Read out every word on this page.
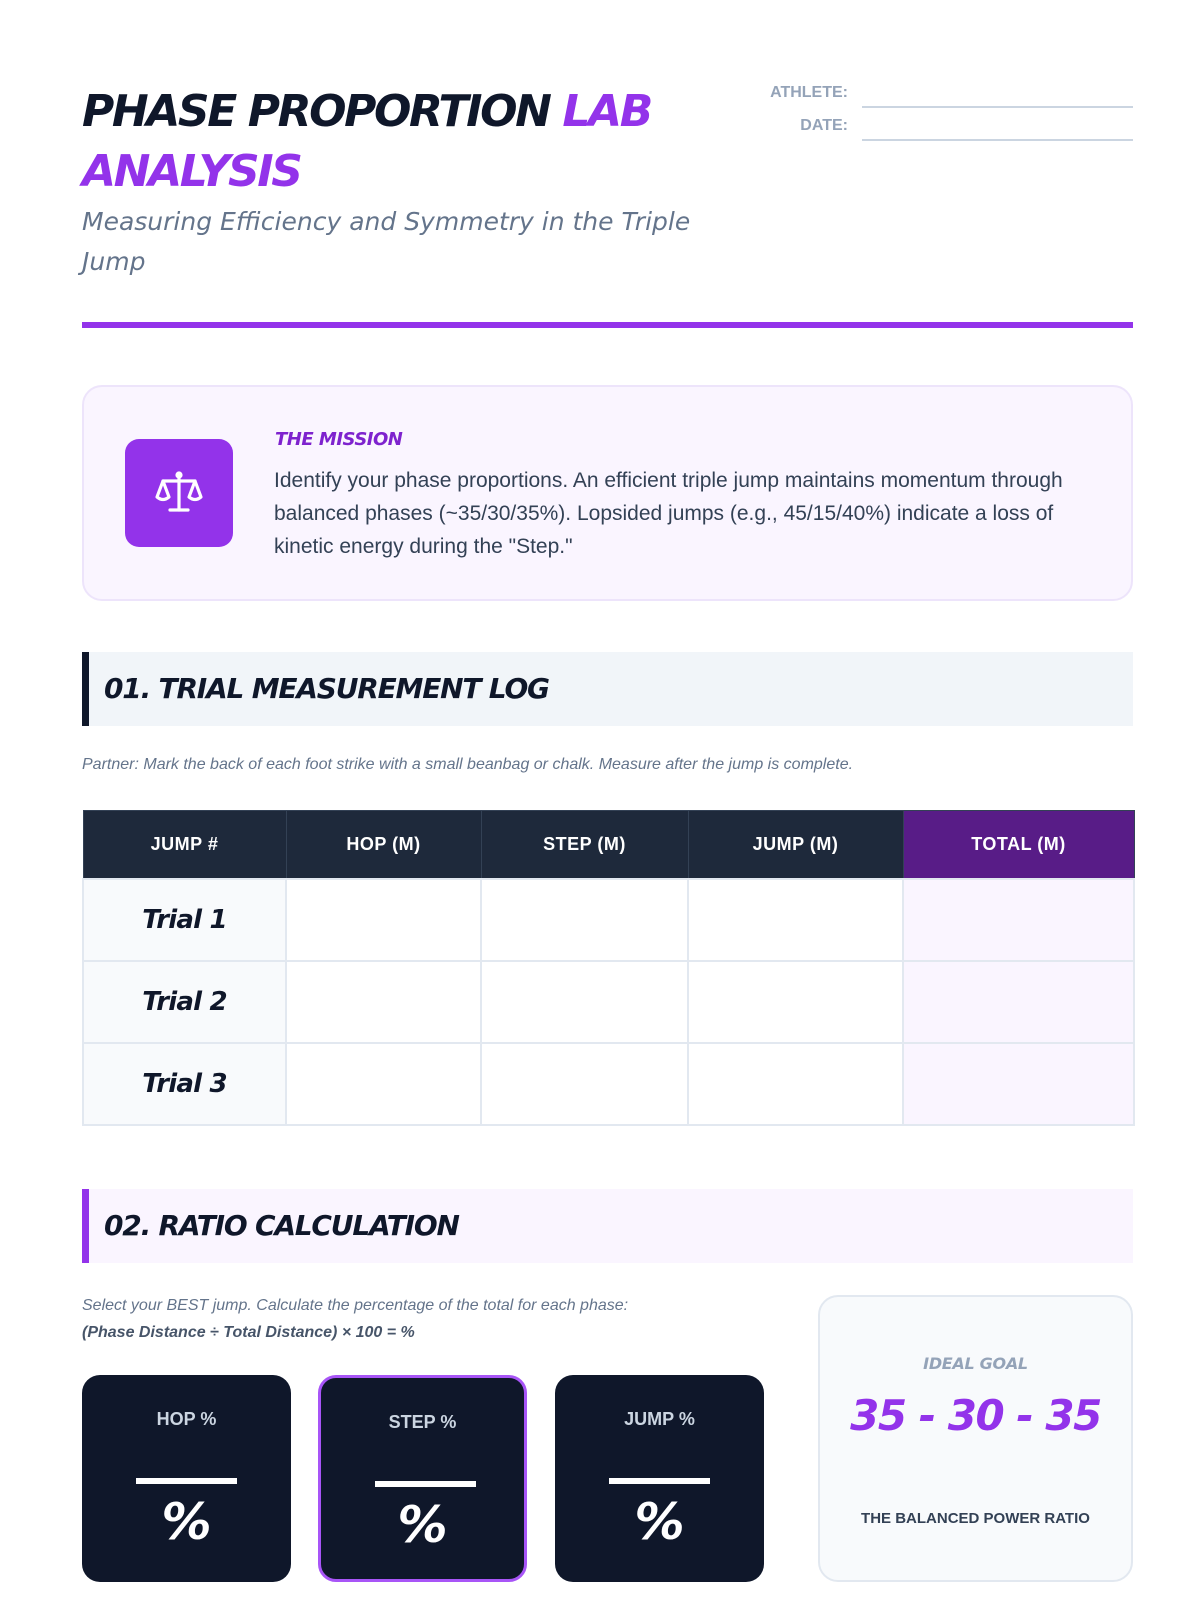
PHASE PROPORTION LAB ANALYSIS
Measuring Efficiency and Symmetry in the Triple Jump
ATHLETE:
DATE:
THE MISSION

Identify your phase proportions. An efficient triple jump maintains momentum through balanced phases (~35/30/35%). Lopsided jumps (e.g., 45/15/40%) indicate a loss of kinetic energy during the "Step."

01. TRIAL MEASUREMENT LOG

Partner: Mark the back of each foot strike with a small beanbag or chalk. Measure after the jump is complete.

JUMP #	HOP (M)	STEP (M)	JUMP (M)	TOTAL (M)
Trial 1				
Trial 2				
Trial 3				
02. RATIO CALCULATION

Select your BEST jump. Calculate the percentage of the total for each phase:
(Phase Distance ÷ Total Distance) × 100 = %

HOP %
%
STEP %
%
JUMP %
%
IDEAL GOAL
35 - 30 - 35
THE BALANCED POWER RATIO
